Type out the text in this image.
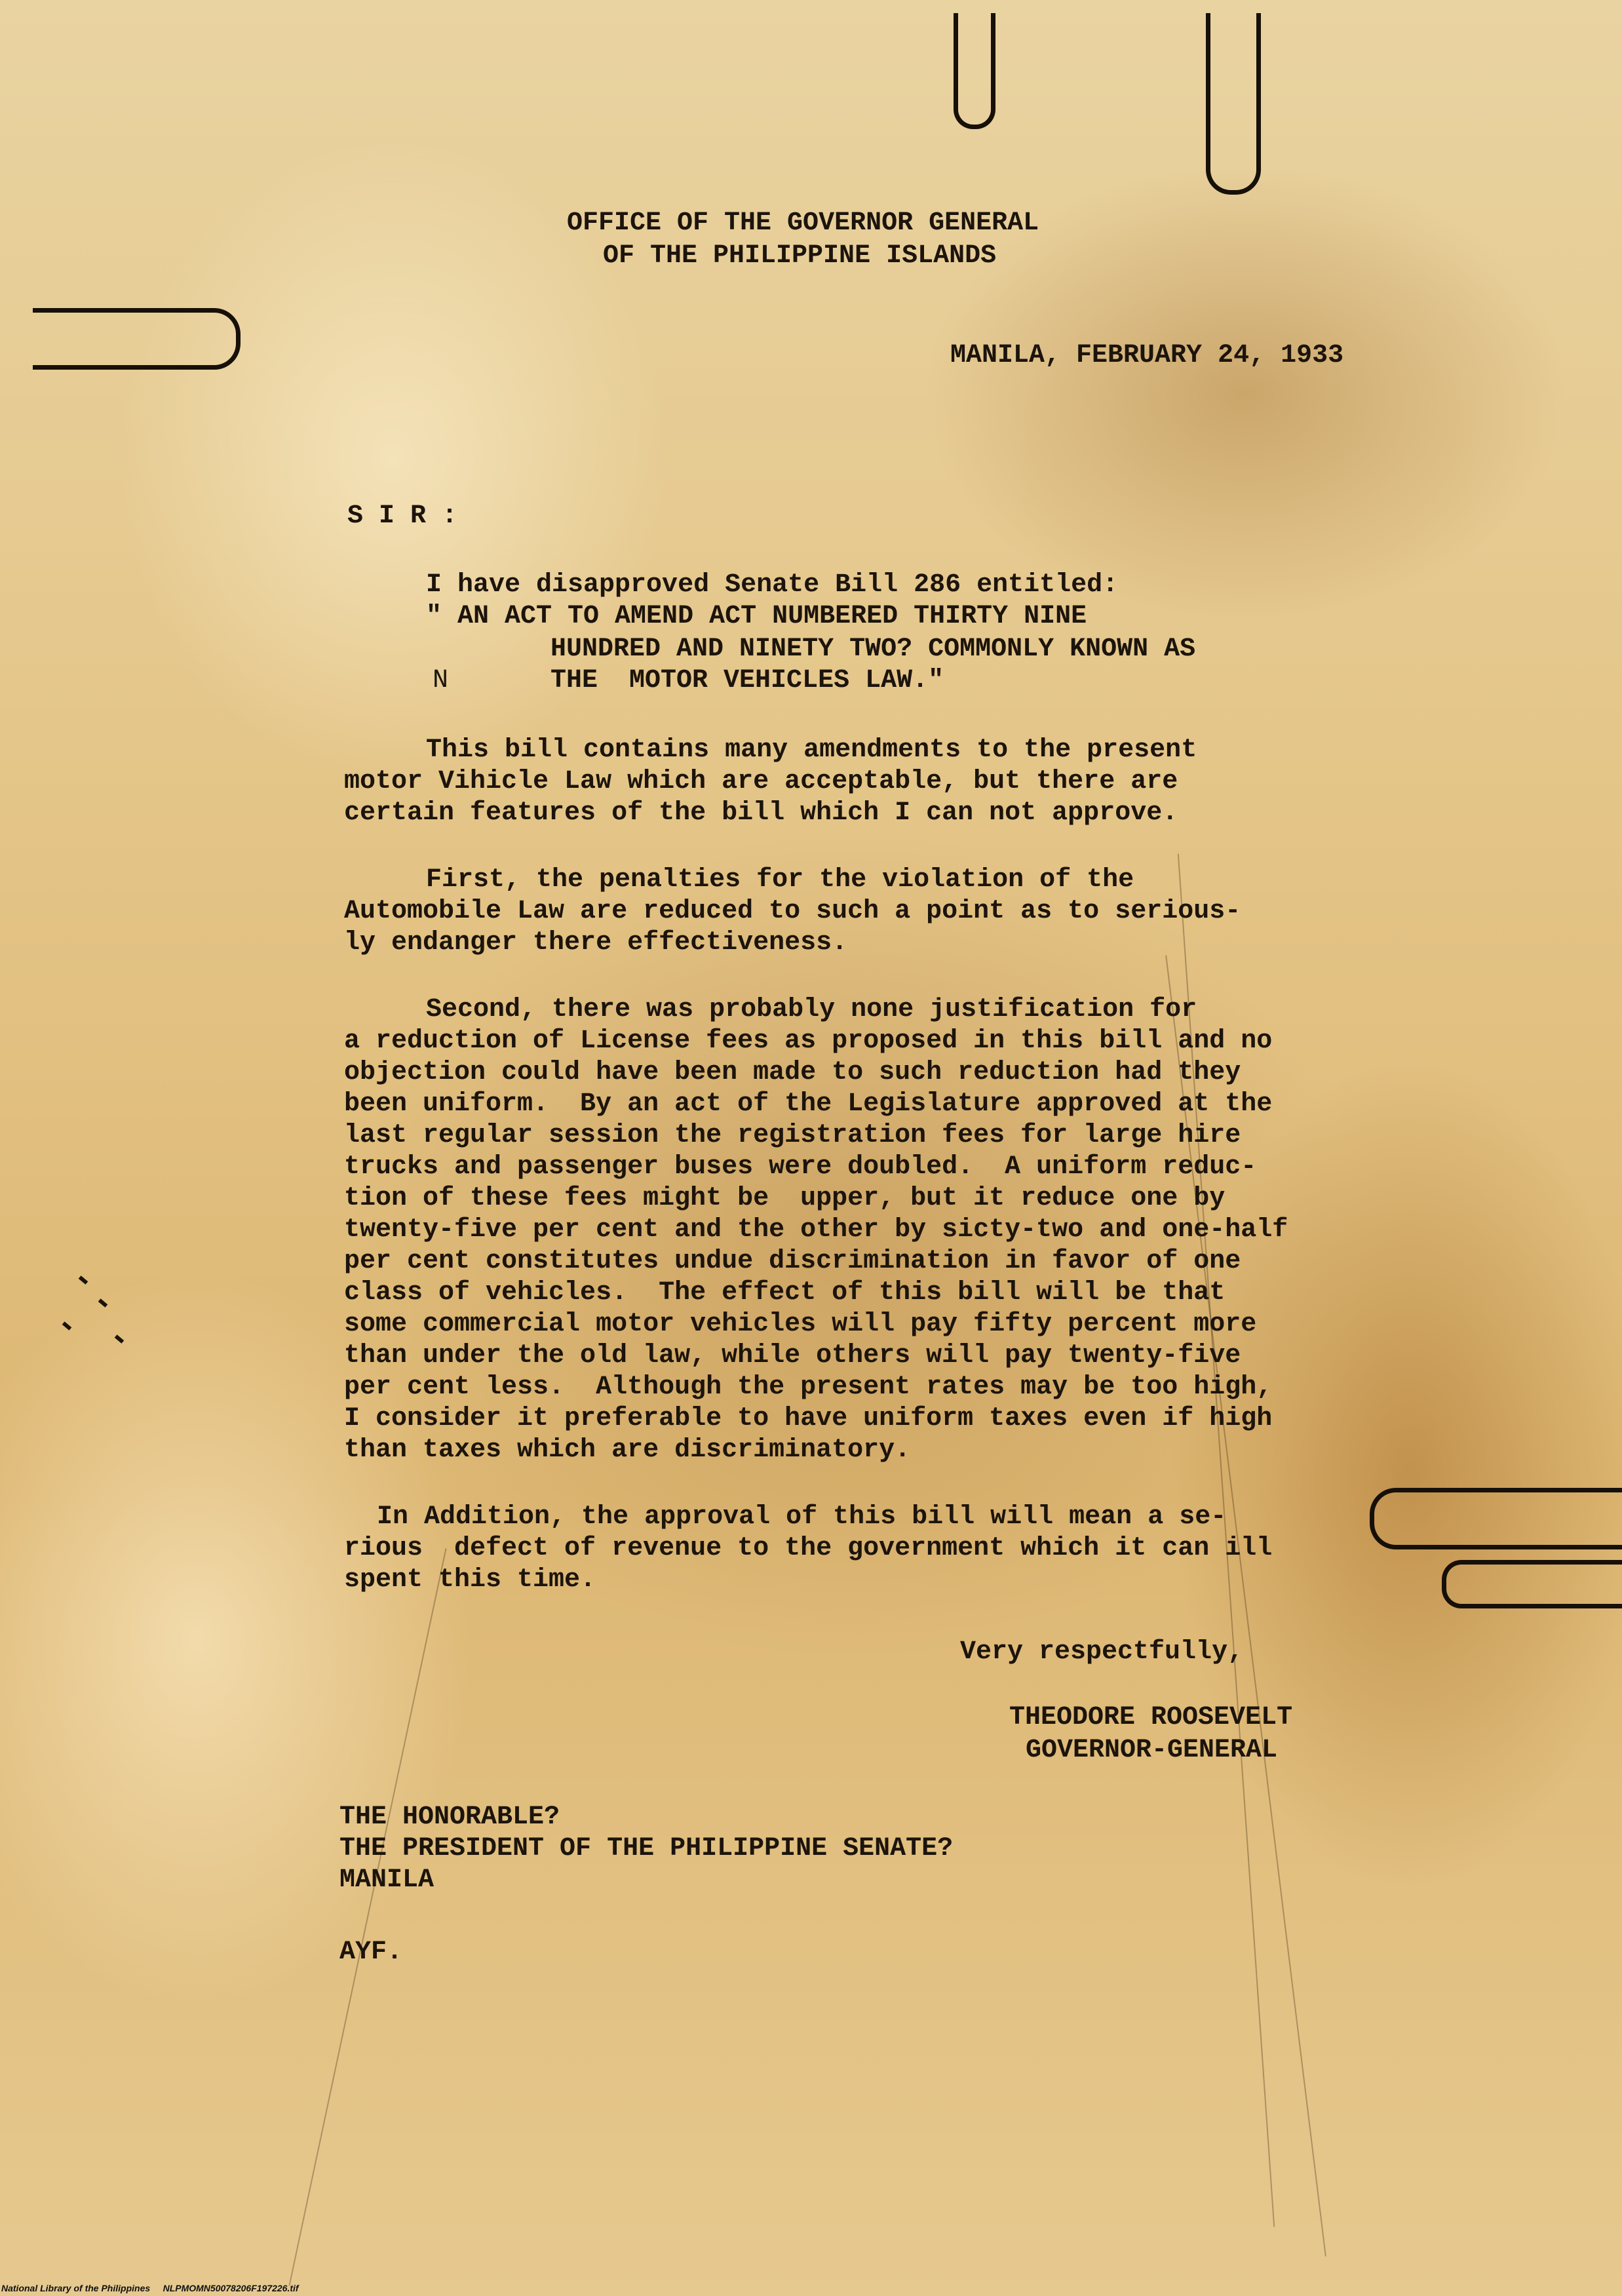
OFFICE OF THE GOVERNOR GENERAL
OF THE PHILIPPINE ISLANDS
MANILA, FEBRUARY 24, 1933
S I R :
I have disapproved Senate Bill 286 entitled:
" AN ACT TO AMEND ACT NUMBERED THIRTY NINE
HUNDRED AND NINETY TWO? COMMONLY KNOWN AS
N	THE  MOTOR VEHICLES LAW."
This bill contains many amendments to the present
motor Vihicle Law which are acceptable, but there are
certain features of the bill which I can not approve.
First, the penalties for the violation of the
Automobile Law are reduced to such a point as to serious-
ly endanger there effectiveness.
Second, there was probably none justification for
a reduction of License fees as proposed in this bill and no
objection could have been made to such reduction had they
been uniform.  By an act of the Legislature approved at the
last regular session the registration fees for large hire
trucks and passenger buses were doubled.  A uniform reduc-
tion of these fees might be  upper, but it reduce one by
twenty-five per cent and the other by sicty-two and one-half
per cent constitutes undue discrimination in favor of one
class of vehicles.  The effect of this bill will be that
some commercial motor vehicles will pay fifty percent more
than under the old law, while others will pay twenty-five
per cent less.  Although the present rates may be too high,
I consider it preferable to have uniform taxes even if high
than taxes which are discriminatory.
In Addition, the approval of this bill will mean a se-
rious  defect of revenue to the government which it can ill
spent this time.
Very respectfully,
THEODORE ROOSEVELT
GOVERNOR-GENERAL
THE HONORABLE?
THE PRESIDENT OF THE PHILIPPINE SENATE?
MANILA
AYF.
National Library of the Philippines     NLPMOMN50078206F197226.tif
